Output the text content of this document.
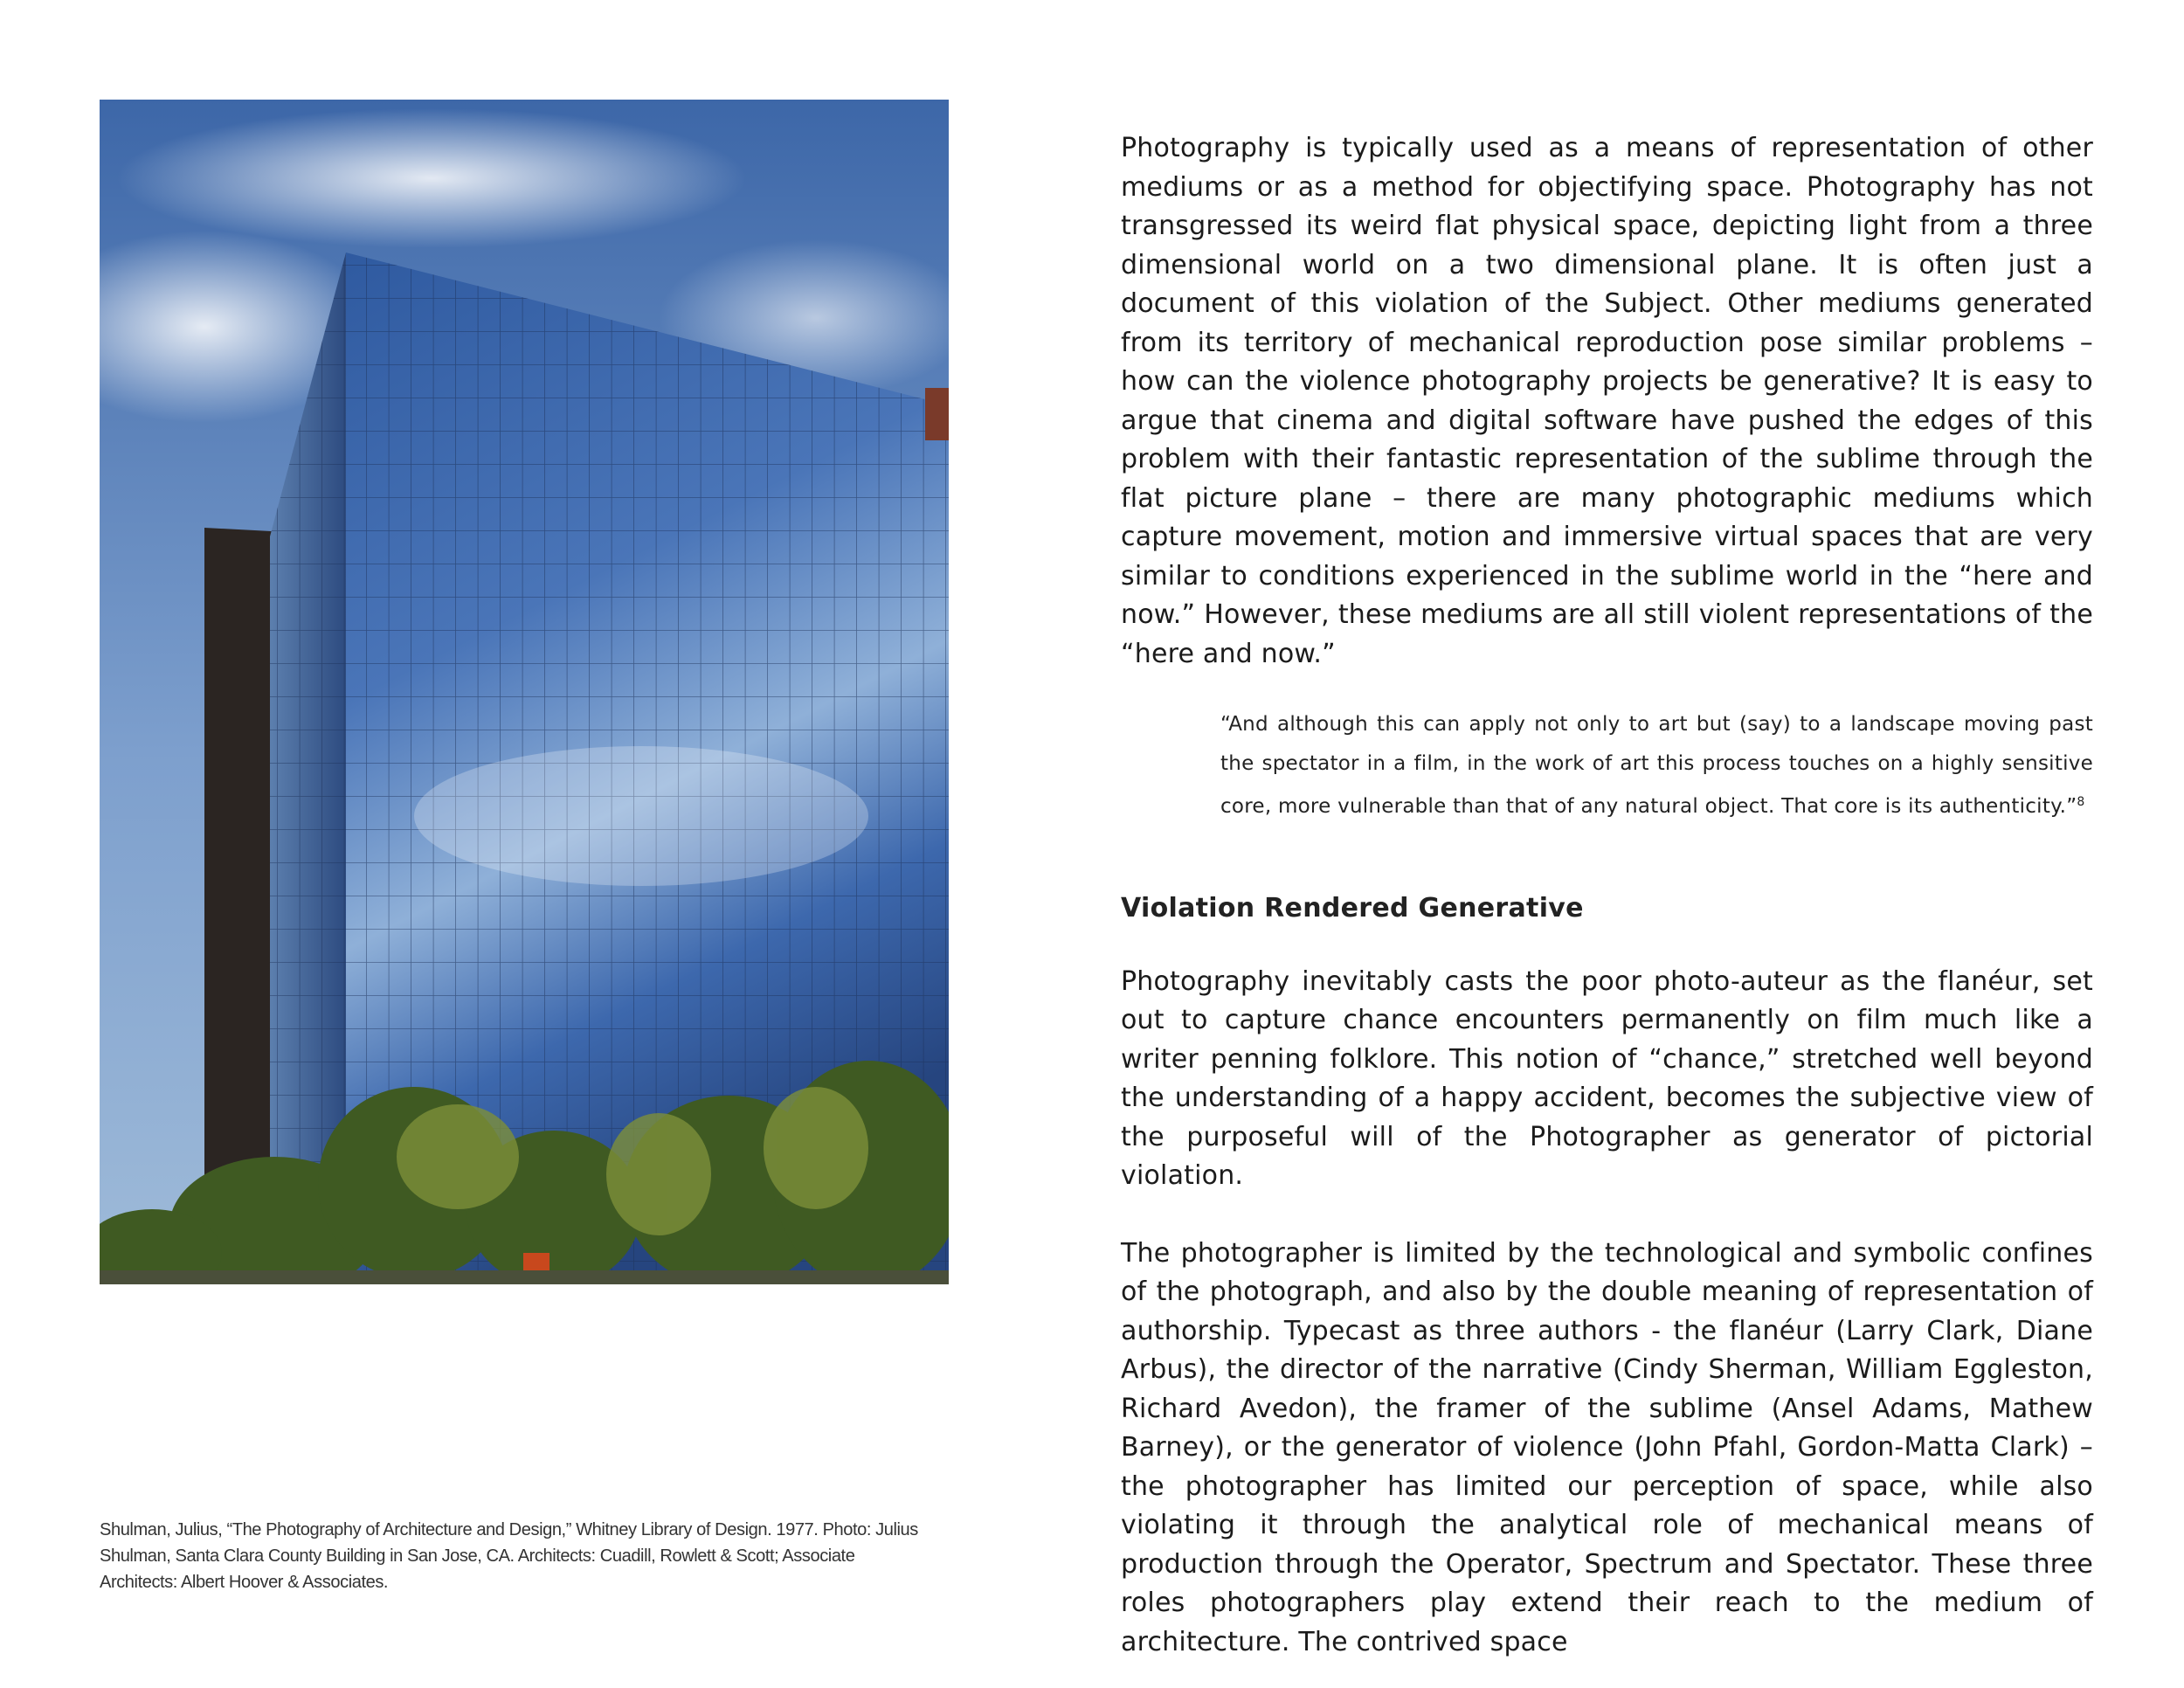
Shulman, Julius, “The Photography of Architecture and Design,” Whitney Library of Design. 1977. Photo: Julius Shulman, Santa Clara County Building in San Jose, CA. Architects: Cuadill, Rowlett & Scott; Associate Architects: Albert Hoover & Associates.

Photography is typically used as a means of representation of other mediums or as a method for objectifying space. Photography has not transgressed its weird flat physical space, depicting light from a three dimensional world on a two dimensional plane. It is often just a document of this violation of the Subject. Other mediums generated from its territory of mechanical reproduction pose similar problems – how can the violence photography projects be generative? It is easy to argue that cinema and digital software have pushed the edges of this problem with their fantastic representation of the sublime through the flat picture plane – there are many photographic mediums which capture movement, motion and immersive virtual spaces that are very similar to conditions experienced in the sublime world in the “here and now.” However, these mediums are all still violent representations of the “here and now.”

“And although this can apply not only to art but (say) to a landscape moving past the spectator in a film, in the work of art this process touches on a highly sensitive core, more vulnerable than that of any natural object. That core is its authenticity.”$^8$

Violation Rendered Generative

Photography inevitably casts the poor photo-auteur as the flanéur, set out to capture chance encounters permanently on film much like a writer penning folklore. This notion of “chance,” stretched well beyond the understanding of a happy accident, becomes the subjective view of the purposeful will of the Photographer as generator of pictorial violation.

The photographer is limited by the technological and symbolic confines of the photograph, and also by the double meaning of representation of authorship. Typecast as three authors - the flanéur (Larry Clark, Diane Arbus), the director of the narrative (Cindy Sherman, William Eggleston, Richard Avedon), the framer of the sublime (Ansel Adams, Mathew Barney), or the generator of violence (John Pfahl, Gordon-Matta Clark) – the photographer has limited our perception of space, while also violating it through the analytical role of mechanical means of production through the Operator, Spectrum and Spectator. These three roles photographers play extend their reach to the medium of architecture. The contrived space
